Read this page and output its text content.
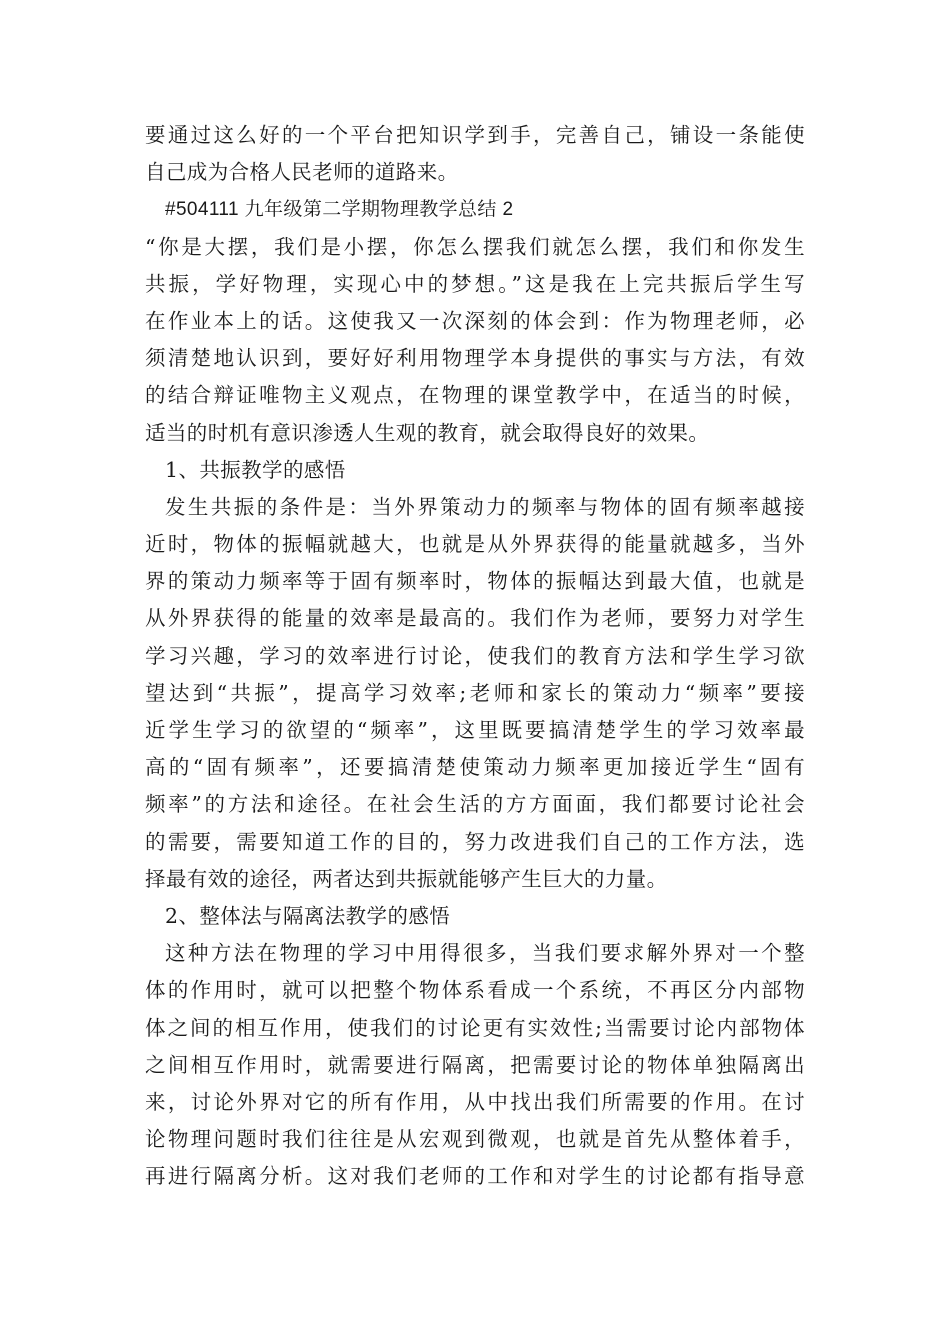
要通过这么好的一个平台把知识学到手，完善自己，铺设一条能使
自己成为合格人民老师的道路来。
#504111 九年级第二学期物理教学总结 2
“你是大摆，我们是小摆，你怎么摆我们就怎么摆，我们和你发生
共振，学好物理，实现心中的梦想。”这是我在上完共振后学生写
在作业本上的话。这使我又一次深刻的体会到：作为物理老师，必
须清楚地认识到，要好好利用物理学本身提供的事实与方法，有效
的结合辩证唯物主义观点，在物理的课堂教学中，在适当的时候，
适当的时机有意识渗透人生观的教育，就会取得良好的效果。
1、共振教学的感悟
发生共振的条件是：当外界策动力的频率与物体的固有频率越接
近时，物体的振幅就越大，也就是从外界获得的能量就越多，当外
界的策动力频率等于固有频率时，物体的振幅达到最大值，也就是
从外界获得的能量的效率是最高的。我们作为老师，要努力对学生
学习兴趣，学习的效率进行讨论，使我们的教育方法和学生学习欲
望达到“共振”，提高学习效率;老师和家长的策动力“频率”要接
近学生学习的欲望的“频率”，这里既要搞清楚学生的学习效率最
高的“固有频率”，还要搞清楚使策动力频率更加接近学生“固有
频率”的方法和途径。在社会生活的方方面面，我们都要讨论社会
的需要，需要知道工作的目的，努力改进我们自己的工作方法，选
择最有效的途径，两者达到共振就能够产生巨大的力量。
2、整体法与隔离法教学的感悟
这种方法在物理的学习中用得很多，当我们要求解外界对一个整
体的作用时，就可以把整个物体系看成一个系统，不再区分内部物
体之间的相互作用，使我们的讨论更有实效性;当需要讨论内部物体
之间相互作用时，就需要进行隔离，把需要讨论的物体单独隔离出
来，讨论外界对它的所有作用，从中找出我们所需要的作用。在讨
论物理问题时我们往往是从宏观到微观，也就是首先从整体着手，
再进行隔离分析。这对我们老师的工作和对学生的讨论都有指导意
